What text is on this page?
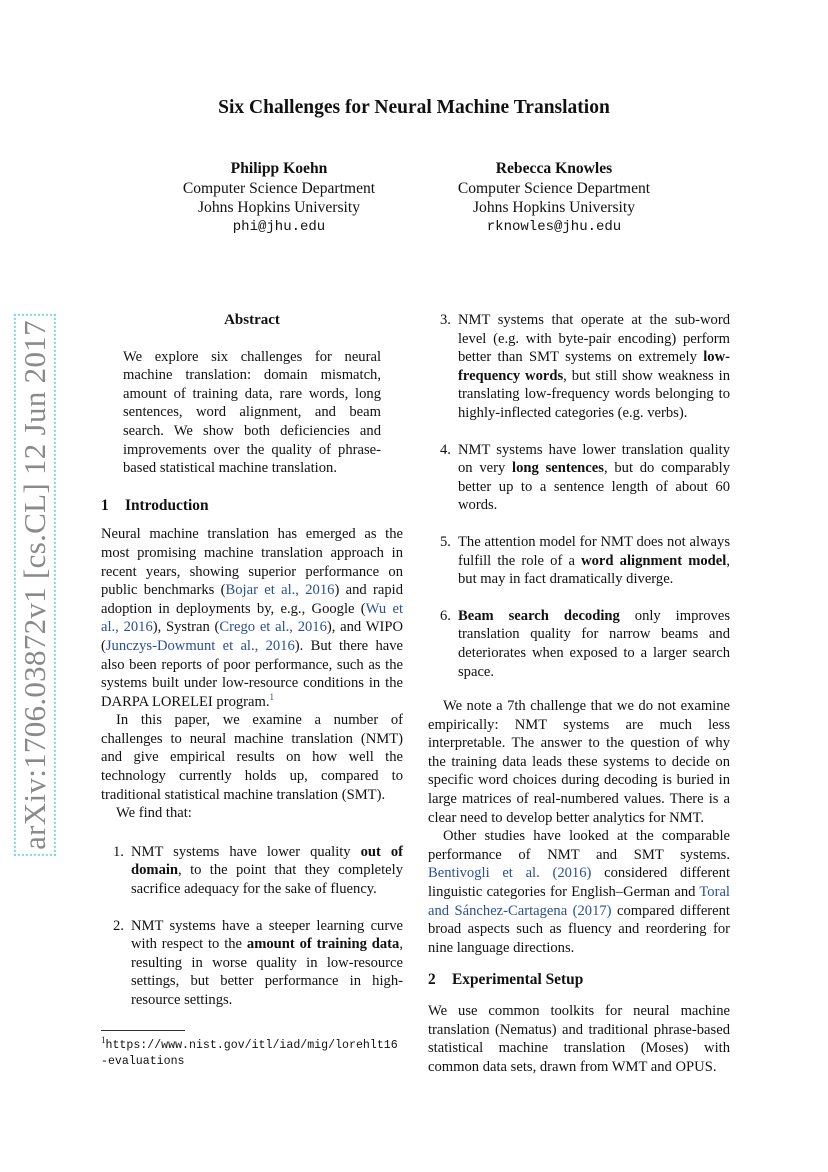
arXiv:1706.03872v1 [cs.CL] 12 Jun 2017
Six Challenges for Neural Machine Translation
Philipp Koehn
Computer Science Department
Johns Hopkins University
phi@jhu.edu
Rebecca Knowles
Computer Science Department
Johns Hopkins University
rknowles@jhu.edu
Abstract

We explore six challenges for neural machine translation: domain mismatch, amount of training data, rare words, long sentences, word alignment, and beam search. We show both deficiencies and improvements over the quality of phrase-based statistical machine translation.

1 Introduction

Neural machine translation has emerged as the most promising machine translation approach in recent years, showing superior performance on public benchmarks (Bojar et al., 2016) and rapid adoption in deployments by, e.g., Google (Wu et al., 2016), Systran (Crego et al., 2016), and WIPO (Junczys-Dowmunt et al., 2016). But there have also been reports of poor performance, such as the systems built under low-resource conditions in the DARPA LORELEI program.$^1$

In this paper, we examine a number of challenges to neural machine translation (NMT) and give empirical results on how well the technology currently holds up, compared to traditional statistical machine translation (SMT).

We find that:

1. NMT systems have lower quality out of domain, to the point that they completely sacrifice adequacy for the sake of fluency.
2. NMT systems have a steeper learning curve with respect to the amount of training data, resulting in worse quality in low-resource settings, but better performance in high-resource settings.
$^1$https://www.nist.gov/itl/iad/mig/lorehlt16-evaluations
3. NMT systems that operate at the sub-word level (e.g. with byte-pair encoding) perform better than SMT systems on extremely low-frequency words, but still show weakness in translating low-frequency words belonging to highly-inflected categories (e.g. verbs).
4. NMT systems have lower translation quality on very long sentences, but do comparably better up to a sentence length of about 60 words.
5. The attention model for NMT does not always fulfill the role of a word alignment model, but may in fact dramatically diverge.
6. Beam search decoding only improves translation quality for narrow beams and deteriorates when exposed to a larger search space.

We note a 7th challenge that we do not examine empirically: NMT systems are much less interpretable. The answer to the question of why the training data leads these systems to decide on specific word choices during decoding is buried in large matrices of real-numbered values. There is a clear need to develop better analytics for NMT.

Other studies have looked at the comparable performance of NMT and SMT systems. Bentivogli et al. (2016) considered different linguistic categories for English–German and Toral and Sánchez-Cartagena (2017) compared different broad aspects such as fluency and reordering for nine language directions.

2 Experimental Setup

We use common toolkits for neural machine translation (Nematus) and traditional phrase-based statistical machine translation (Moses) with common data sets, drawn from WMT and OPUS.
